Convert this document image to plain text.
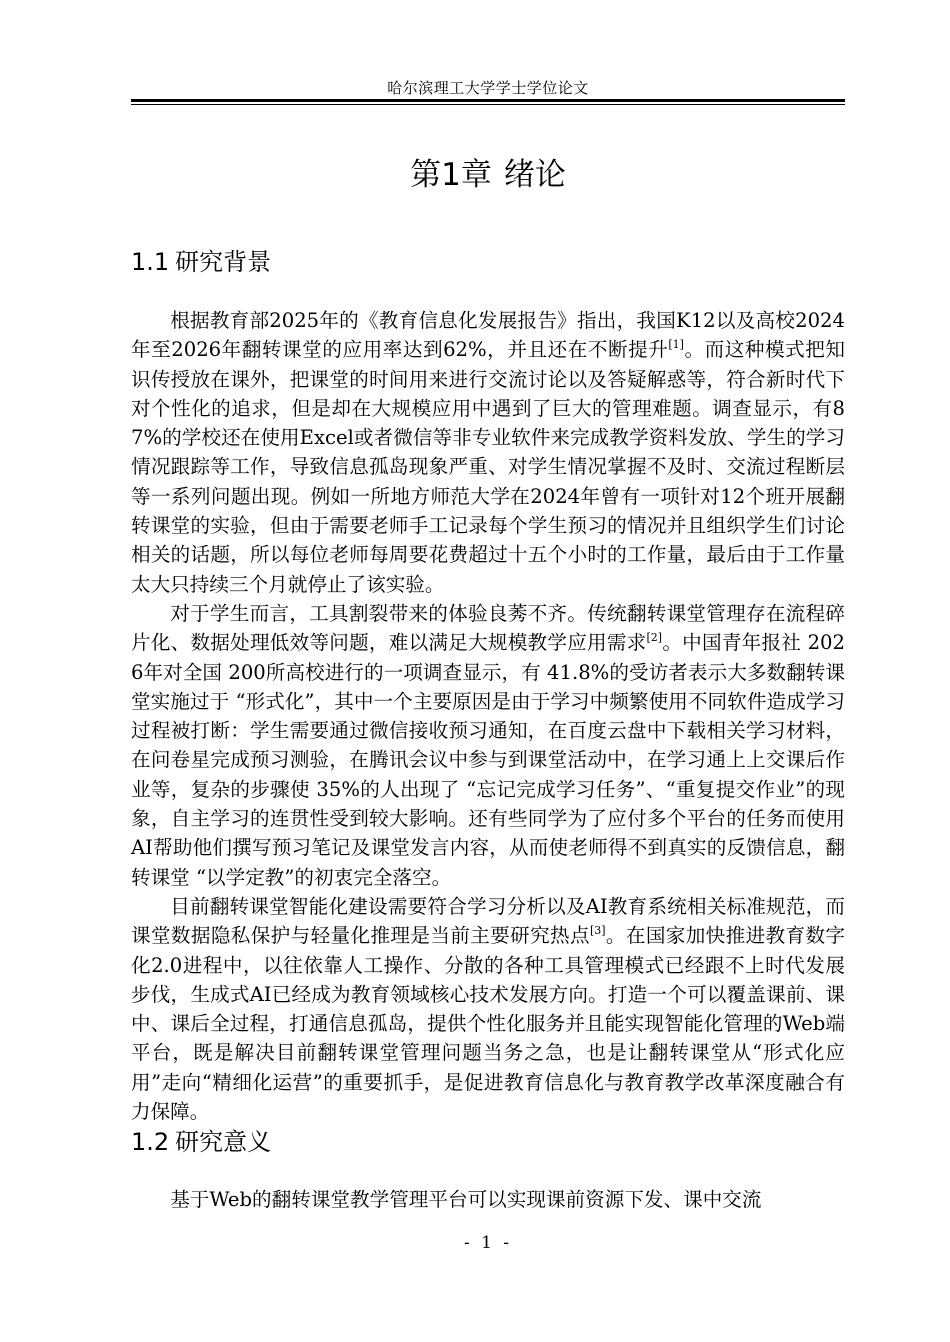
哈尔滨理工大学学士学位论文
第1章 绪论
1.1 研究背景

根据教育部2025年的《教育信息化发展报告》指出，我国K12以及高校2024年至2026年翻转课堂的应用率达到62%，并且还在不断提升[1]。而这种模式把知识传授放在课外，把课堂的时间用来进行交流讨论以及答疑解惑等，符合新时代下对个性化的追求，但是却在大规模应用中遇到了巨大的管理难题。调查显示，有87%的学校还在使用Excel或者微信等非专业软件来完成教学资料发放、学生的学习情况跟踪等工作，导致信息孤岛现象严重、对学生情况掌握不及时、交流过程断层等一系列问题出现。例如一所地方师范大学在2024年曾有一项针对12个班开展翻转课堂的实验，但由于需要老师手工记录每个学生预习的情况并且组织学生们讨论相关的话题，所以每位老师每周要花费超过十五个小时的工作量，最后由于工作量太大只持续三个月就停止了该实验。

对于学生而言，工具割裂带来的体验良莠不齐。传统翻转课堂管理存在流程碎片化、数据处理低效等问题，难以满足大规模教学应用需求[2]。中国青年报社 2026年对全国 200所高校进行的一项调查显示，有 41.8%的受访者表示大多数翻转课堂实施过于 “形式化”，其中一个主要原因是由于学习中频繁使用不同软件造成学习过程被打断：学生需要通过微信接收预习通知，在百度云盘中下载相关学习材料，在问卷星完成预习测验，在腾讯会议中参与到课堂活动中，在学习通上上交课后作业等，复杂的步骤使 35%的人出现了 “忘记完成学习任务”、“重复提交作业”的现象，自主学习的连贯性受到较大影响。还有些同学为了应付多个平台的任务而使用 AI帮助他们撰写预习笔记及课堂发言内容，从而使老师得不到真实的反馈信息，翻转课堂 “以学定教”的初衷完全落空。

目前翻转课堂智能化建设需要符合学习分析以及AI教育系统相关标准规范，而课堂数据隐私保护与轻量化推理是当前主要研究热点[3]。在国家加快推进教育数字化2.0进程中，以往依靠人工操作、分散的各种工具管理模式已经跟不上时代发展步伐，生成式AI已经成为教育领域核心技术发展方向。打造一个可以覆盖课前、课中、课后全过程，打通信息孤岛，提供个性化服务并且能实现智能化管理的Web端平台，既是解决目前翻转课堂管理问题当务之急，也是让翻转课堂从“形式化应用”走向“精细化运营”的重要抓手，是促进教育信息化与教育教学改革深度融合有力保障。

1.2 研究意义

基于Web的翻转课堂教学管理平台可以实现课前资源下发、课中交流

- 1 -
